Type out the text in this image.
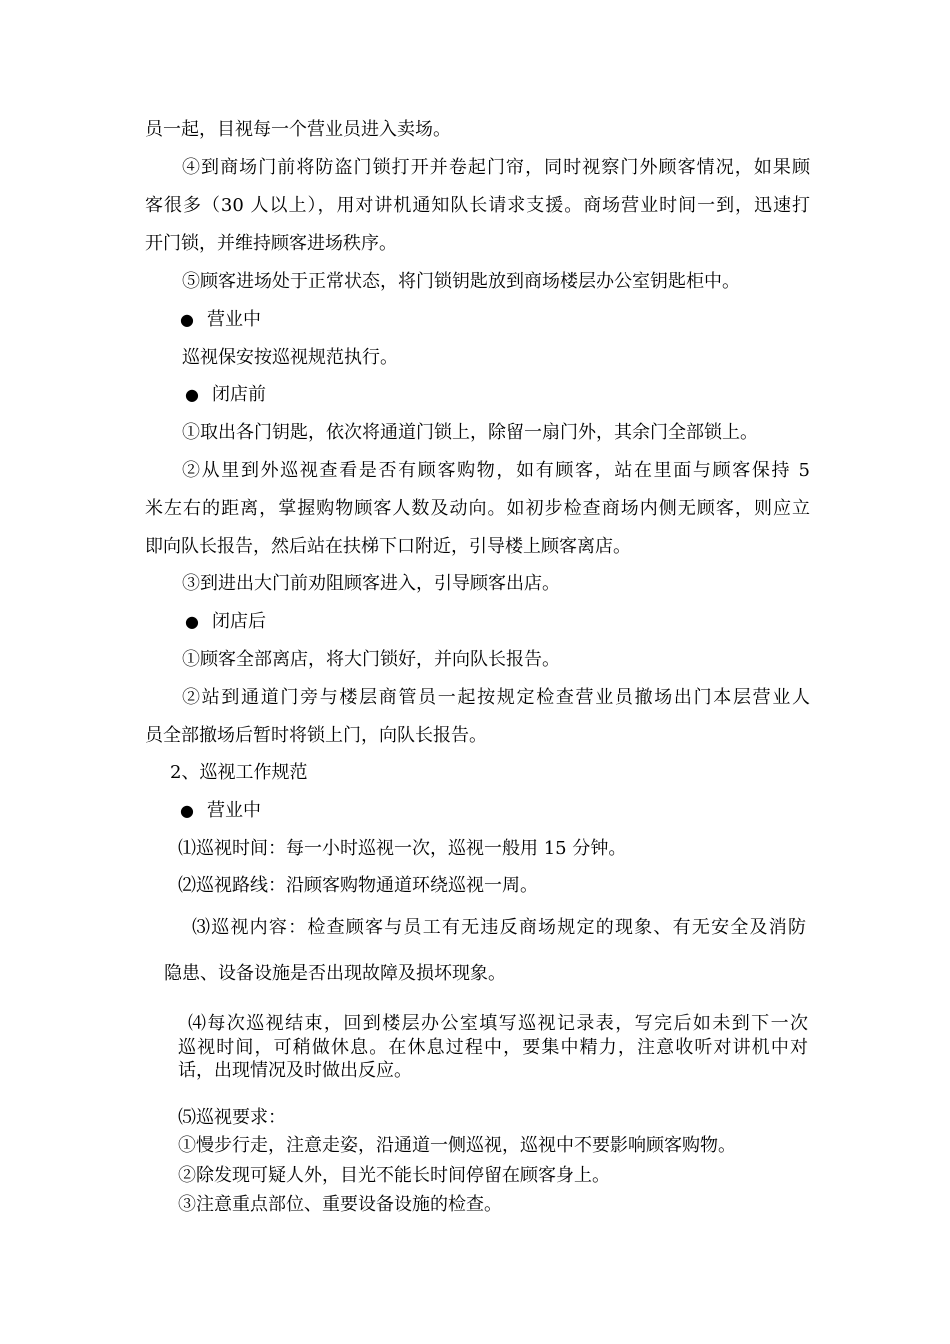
员一起，目视每一个营业员进入卖场。

④到商场门前将防盗门锁打开并卷起门帘，同时视察门外顾客情况，如果顾

客很多（30 人以上），用对讲机通知队长请求支援。商场营业时间一到，迅速打

开门锁，并维持顾客进场秩序。

⑤顾客进场处于正常状态，将门锁钥匙放到商场楼层办公室钥匙柜中。

● 营业中

巡视保安按巡视规范执行。

● 闭店前

①取出各门钥匙，依次将通道门锁上，除留一扇门外，其余门全部锁上。

②从里到外巡视查看是否有顾客购物，如有顾客，站在里面与顾客保持 5

米左右的距离，掌握购物顾客人数及动向。如初步检查商场内侧无顾客，则应立

即向队长报告，然后站在扶梯下口附近，引导楼上顾客离店。

③到进出大门前劝阻顾客进入，引导顾客出店。

● 闭店后

①顾客全部离店，将大门锁好，并向队长报告。

②站到通道门旁与楼层商管员一起按规定检查营业员撤场出门本层营业人

员全部撤场后暂时将锁上门，向队长报告。

2、巡视工作规范

● 营业中

⑴巡视时间：每一小时巡视一次，巡视一般用 15 分钟。

⑵巡视路线：沿顾客购物通道环绕巡视一周。

⑶巡视内容：检查顾客与员工有无违反商场规定的现象、有无安全及消防

隐患、设备设施是否出现故障及损坏现象。

⑷每次巡视结束，回到楼层办公室填写巡视记录表，写完后如未到下一次

巡视时间，可稍做休息。在休息过程中，要集中精力，注意收听对讲机中对

话，出现情况及时做出反应。

⑸巡视要求：

①慢步行走，注意走姿，沿通道一侧巡视，巡视中不要影响顾客购物。

②除发现可疑人外，目光不能长时间停留在顾客身上。

③注意重点部位、重要设备设施的检查。
